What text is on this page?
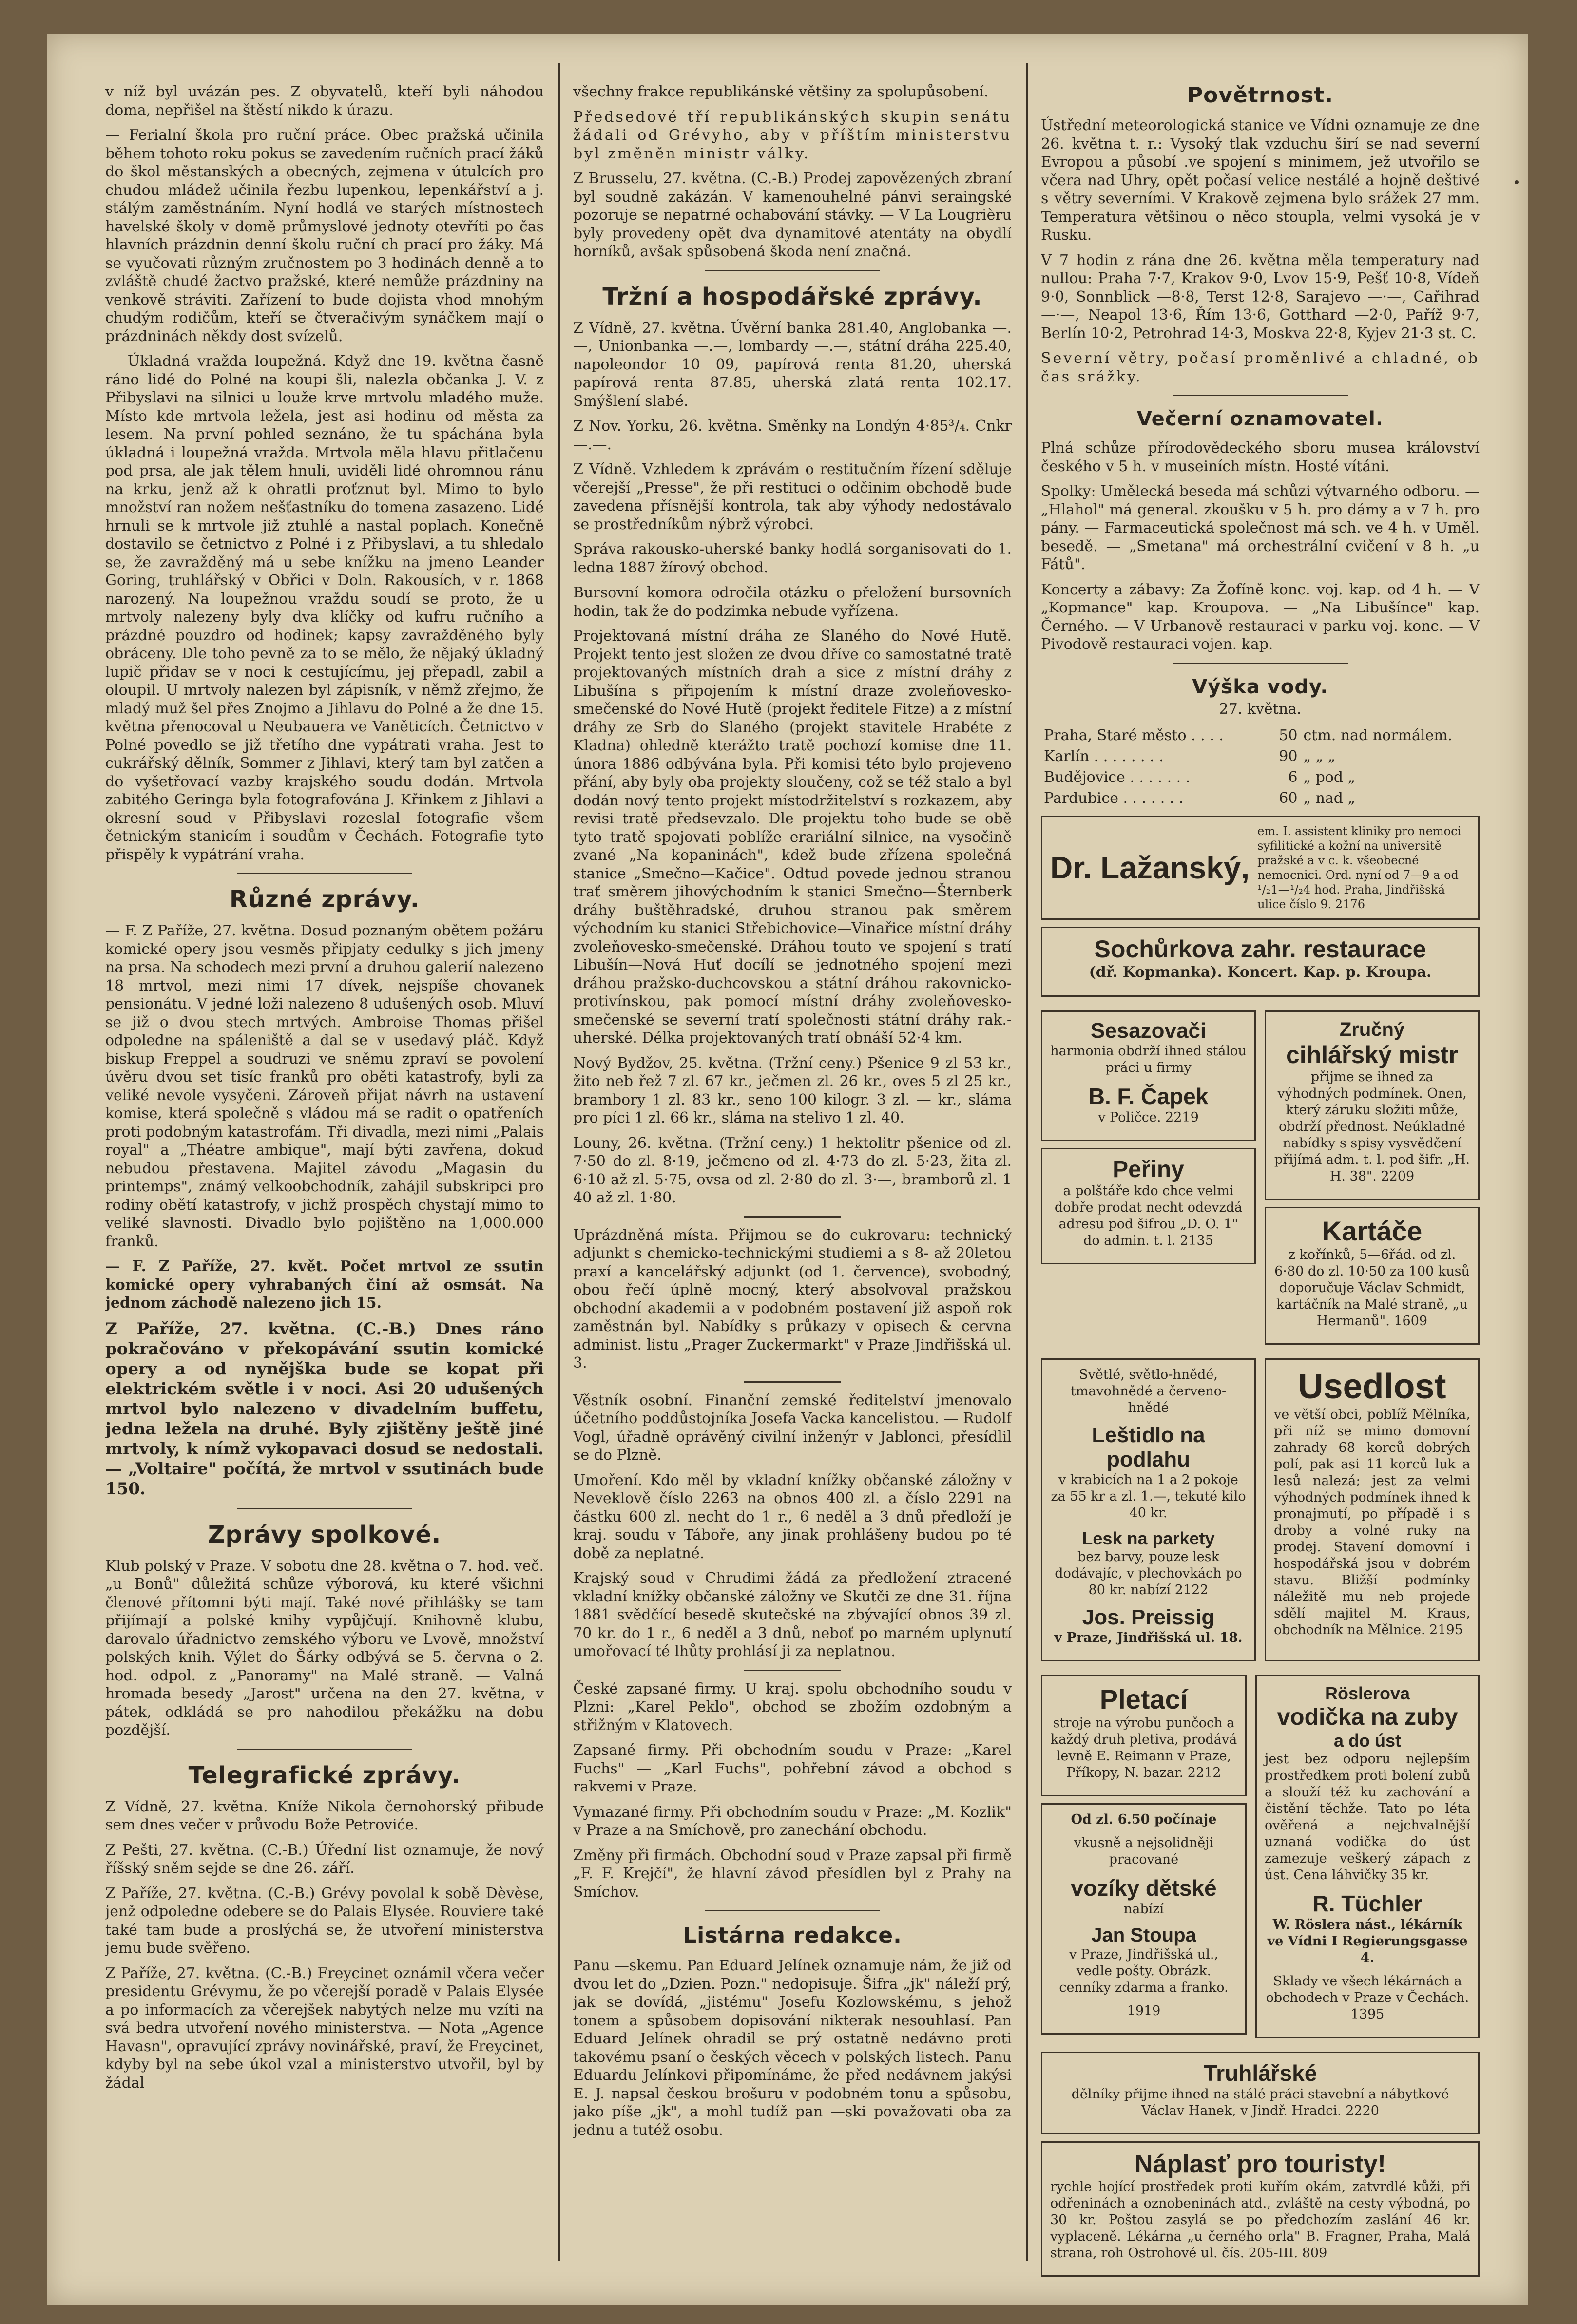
v níž byl uvázán pes. Z obyvatelů, kteří byli náhodou doma, nepřišel na štěstí nikdo k úrazu.

— Ferialní škola pro ruční práce. Obec pražská učinila během tohoto roku pokus se zavedením ručních prací žáků do škol městanských a obecných, zejmena v útulcích pro chudou mládež učinila řezbu lupenkou, lepenkářství a j. stálým zaměstnáním. Nyní hodlá ve starých místnostech havelské školy v domě průmyslové jednoty otevříti po čas hlavních prázdnin denní školu ruční ch prací pro žáky. Má se vyučovati různým zručnostem po 3 hodinách denně a to zvláště chudé žactvo pražské, které nemůže prázdniny na venkově stráviti. Zařízení to bude dojista vhod mnohým chudým rodičům, kteří se čtveračivým synáčkem mají o prázdninách někdy dost svízelů.

— Úkladná vražda loupežná. Když dne 19. května časně ráno lidé do Polné na koupi šli, nalezla občanka J. V. z Přibyslavi na silnici u louže krve mrtvolu mladého muže. Místo kde mrtvola ležela, jest asi hodinu od města za lesem. Na první pohled seznáno, že tu spáchána byla úkladná i loupežná vražda. Mrtvola měla hlavu přitlačenu pod prsa, ale jak tělem hnuli, uviděli lidé ohromnou ránu na krku, jenž až k ohratli proťznut byl. Mimo to bylo množství ran nožem nešťastníku do tomena zasazeno. Lidé hrnuli se k mrtvole již ztuhlé a nastal poplach. Konečně dostavilo se četnictvo z Polné i z Přibyslavi, a tu shledalo se, že zavražděný má u sebe knížku na jmeno Leander Goring, truhlářský v Obřici v Doln. Rakousích, v r. 1868 narozený. Na loupežnou vraždu soudí se proto, že u mrtvoly nalezeny byly dva klíčky od kufru ručního a prázdné pouzdro od hodinek; kapsy zavražděného byly obráceny. Dle toho pevně za to se mělo, že nějaký úkladný lupič přidav se v noci k cestujícímu, jej přepadl, zabil a oloupil. U mrtvoly nalezen byl zápisník, v němž zřejmo, že mladý muž šel přes Znojmo a Jihlavu do Polné a že dne 15. května přenocoval u Neubauera ve Vaněticích. Četnictvo v Polné povedlo se již třetího dne vypátrati vraha. Jest to cukrářský dělník, Sommer z Jihlavi, který tam byl zatčen a do vyšetřovací vazby krajského soudu dodán. Mrtvola zabitého Geringa byla fotografována J. Křinkem z Jihlavi a okresní soud v Přibyslavi rozeslal fotografie všem četnickým stanicím i soudům v Čechách. Fotografie tyto přispěly k vypátrání vraha.

Různé zprávy.

— F. Z Paříže, 27. května. Dosud poznaným obětem požáru komické opery jsou vesměs připjaty cedulky s jich jmeny na prsa. Na schodech mezi první a druhou galerií nalezeno 18 mrtvol, mezi nimi 17 dívek, nejspíše chovanek pensionátu. V jedné loži nalezeno 8 udušených osob. Mluví se již o dvou stech mrtvých. Ambroise Thomas přišel odpoledne na spáleniště a dal se v usedavý pláč. Když biskup Freppel a soudruzi ve sněmu zpraví se povolení úvěru dvou set tisíc franků pro oběti katastrofy, byli za veliké nevole vysyčeni. Zároveň přijat návrh na ustavení komise, která společně s vládou má se radit o opatřeních proti podobným katastrofám. Tři divadla, mezi nimi „Palais royal" a „Théatre ambique", mají býti zavřena, dokud nebudou přestavena. Majitel závodu „Magasin du printemps", známý velkoobchodník, zahájil subskripci pro rodiny obětí katastrofy, v jichž prospěch chystají mimo to veliké slavnosti. Divadlo bylo pojištěno na 1,000.000 franků.

— F. Z Paříže, 27. květ. Počet mrtvol ze ssutin komické opery vyhrabaných činí až osmsát. Na jednom záchodě nalezeno jich 15.

Z Paříže, 27. května. (C.-B.) Dnes ráno pokračováno v překopávání ssutin komické opery a od nynějška bude se kopat při elektrickém světle i v noci. Asi 20 udušených mrtvol bylo nalezeno v divadelním buffetu, jedna ležela na druhé. Byly zjištěny ještě jiné mrtvoly, k nímž vykopavaci dosud se nedostali. — „Voltaire" počítá, že mrtvol v ssutinách bude 150.

Zprávy spolkové.

Klub polský v Praze. V sobotu dne 28. května o 7. hod. več. „u Bonů" důležitá schůze výborová, ku které všichni členové přítomni býti mají. Také nové přihlášky se tam přijímají a polské knihy vypůjčují. Knihovně klubu, darovalo úřadnictvo zemského výboru ve Lvově, množství polských knih. Výlet do Šárky odbývá se 5. června o 2. hod. odpol. z „Panoramy" na Malé straně. — Valná hromada besedy „Jarost" určena na den 27. května, v pátek, odkládá se pro nahodilou překážku na dobu pozdější.

Telegrafické zprávy.

Z Vídně, 27. května. Kníže Nikola černohorský přibude sem dnes večer v průvodu Bože Petroviće.

Z Pešti, 27. května. (C.-B.) Úřední list oznamuje, že nový říšský sněm sejde se dne 26. září.

Z Paříže, 27. května. (C.-B.) Grévy povolal k sobě Dèvèse, jenž odpoledne odebere se do Palais Elysée. Rouviere také také tam bude a proslýchá se, že utvoření ministerstva jemu bude svěřeno.

Z Paříže, 27. května. (C.-B.) Freycinet oznámil včera večer presidentu Grévymu, že po včerejší poradě v Palais Elysée a po informacích za včerejšek nabytých nelze mu vzíti na svá bedra utvoření nového ministerstva. — Nota „Agence Havasn", opravující zprávy novinářské, praví, že Freycinet, kdyby byl na sebe úkol vzal a ministerstvo utvořil, byl by žádal

všechny frakce republikánské většiny za spolupůsobení.

Předsedové tří republikánských skupin senátu žádali od Grévyho, aby v příštím ministerstvu byl změněn ministr války.

Z Brusselu, 27. května. (C.-B.) Prodej zapovězených zbraní byl soudně zakázán. V kamenouhelné pánvi seraingské pozoruje se nepatrné ochabování stávky. — V La Lougrièru byly provedeny opět dva dynamitové atentáty na obydlí horníků, avšak spůsobená škoda není značná.

Tržní a hospodářské zprávy.

Z Vídně, 27. května. Úvěrní banka 281.40, Anglobanka —.—, Unionbanka —.—, lombardy —.—, státní dráha 225.40, napoleondor 10 09, papírová renta 81.20, uherská papírová renta 87.85, uherská zlatá renta 102.17. Smýšlení slabé.

Z Nov. Yorku, 26. května. Směnky na Londýn 4·85³/₄. Cnkr —.—.

Z Vídně. Vzhledem k zprávám o restitučním řízení sděluje včerejší „Presse", že při restituci o odčinim obchodě bude zavedena přísnější kontrola, tak aby výhody nedostávalo se prostředníkům nýbrž výrobci.

Správa rakousko-uherské banky hodlá sorganisovati do 1. ledna 1887 žírový obchod.

Bursovní komora odročila otázku o přeložení bursovních hodin, tak že do podzimka nebude vyřízena.

Projektovaná místní dráha ze Slaného do Nové Hutě. Projekt tento jest složen ze dvou dříve co samostatné tratě projektovaných místních drah a sice z místní dráhy z Libušína s připojením k místní draze zvoleňovesko-smečenské do Nové Hutě (projekt ředitele Fitze) a z místní dráhy ze Srb do Slaného (projekt stavitele Hrabéte z Kladna) ohledně kterážto tratě pochozí komise dne 11. února 1886 odbývána byla. Při komisi této bylo projeveno přání, aby byly oba projekty sloučeny, což se též stalo a byl dodán nový tento projekt místodržitelství s rozkazem, aby revisi tratě předsevzalo. Dle projektu toho bude se obě tyto tratě spojovati poblíže erariální silnice, na vysočině zvané „Na kopaninách", kdež bude zřízena společná stanice „Smečno—Kačice". Odtud povede jednou stranou trať směrem jihovýchodním k stanici Smečno—Šternberk dráhy buštěhradské, druhou stranou pak směrem východním ku stanici Střebichovice—Vinařice místní dráhy zvoleňovesko-smečenské. Dráhou touto ve spojení s tratí Libušín—Nová Huť docílí se jednotného spojení mezi dráhou pražsko-duchcovskou a státní dráhou rakovnicko-protivínskou, pak pomocí místní dráhy zvoleňovesko-smečenské se severní tratí společnosti státní dráhy rak.-uherské. Délka projektovaných tratí obnáší 52·4 km.

Nový Bydžov, 25. května. (Tržní ceny.) Pšenice 9 zl 53 kr., žito neb řež 7 zl. 67 kr., ječmen zl. 26 kr., oves 5 zl 25 kr., brambory 1 zl. 83 kr., seno 100 kilogr. 3 zl. — kr., sláma pro píci 1 zl. 66 kr., sláma na stelivo 1 zl. 40.

Louny, 26. května. (Tržní ceny.) 1 hektolitr pšenice od zl. 7·50 do zl. 8·19, ječmeno od zl. 4·73 do zl. 5·23, žita zl. 6·10 až zl. 5·75, ovsa od zl. 2·80 do zl. 3·—, bramborů zl. 1 40 až zl. 1·80.

Uprázdněná místa. Přijmou se do cukrovaru: technický adjunkt s chemicko-technickými studiemi a s 8- až 20letou praxí a kancelářský adjunkt (od 1. července), svobodný, obou řečí úplně mocný, který absolvoval pražskou obchodní akademii a v podobném postavení již aspoň rok zaměstnán byl. Nabídky s průkazy v opisech & cervna administ. listu „Prager Zuckermarkt" v Praze Jindřišská ul. 3.

Věstník osobní. Finanční zemské ředitelství jmenovalo účetního poddůstojníka Josefa Vacka kancelistou. — Rudolf Vogl, úřadně oprávěný civilní inženýr v Jablonci, přesídlil se do Plzně.

Umoření. Kdo měl by vkladní knížky občanské záložny v Neveklově číslo 2263 na obnos 400 zl. a číslo 2291 na částku 600 zl. necht do 1 r., 6 neděl a 3 dnů předloží je kraj. soudu v Táboře, any jinak prohlášeny budou po té době za neplatné.

Krajský soud v Chrudimi žádá za předložení ztracené vkladní knížky občanské záložny ve Skutči ze dne 31. října 1881 svědčící besedě skutečské na zbývající obnos 39 zl. 70 kr. do 1 r., 6 neděl a 3 dnů, neboť po marném uplynutí umořovací té lhůty prohlásí ji za neplatnou.

České zapsané firmy. U kraj. spolu obchodního soudu v Plzni: „Karel Peklo", obchod se zbožím ozdobným a střižným v Klatovech.

Zapsané firmy. Při obchodním soudu v Praze: „Karel Fuchs" — „Karl Fuchs", pohřební závod a obchod s rakvemi v Praze.

Vymazané firmy. Při obchodním soudu v Praze: „M. Kozlik" v Praze a na Smíchově, pro zanechání obchodu.

Změny při firmách. Obchodní soud v Praze zapsal při firmě „F. F. Krejčí", že hlavní závod přesídlen byl z Prahy na Smíchov.

Listárna redakce.

Panu —skemu. Pan Eduard Jelínek oznamuje nám, že již od dvou let do „Dzien. Pozn." nedopisuje. Šifra „jk" náleží prý, jak se dovídá, „jistému" Josefu Kozlowskému, s jehož tonem a spůsobem dopisování nikterak nesouhlasí. Pan Eduard Jelínek ohradil se prý ostatně nedávno proti takovému psaní o českých věcech v polských listech. Panu Eduardu Jelínkovi připomínáme, že před nedávnem jakýsi E. J. napsal českou brošuru v podobném tonu a spůsobu, jako píše „jk", a mohl tudíž pan —ski považovati oba za jednu a tutéž osobu.

Povětrnost.

Ústřední meteorologická stanice ve Vídni oznamuje ze dne 26. května t. r.: Vysoký tlak vzduchu širí se nad severní Evropou a působí .ve spojení s minimem, jež utvořilo se včera nad Uhry, opět počasí velice nestálé a hojně deštivé s větry severními. V Krakově zejmena bylo srážek 27 mm. Temperatura většinou o něco stoupla, velmi vysoká je v Rusku.

V 7 hodin z rána dne 26. května měla temperatury nad nullou: Praha 7·7, Krakov 9·0, Lvov 15·9, Pešť 10·8, Vídeň 9·0, Sonnblick —8·8, Terst 12·8, Sarajevo —·—, Cařihrad —·—, Neapol 13·6, Řím 13·6, Gotthard —2·0, Paříž 9·7, Berlín 10·2, Petrohrad 14·3, Moskva 22·8, Kyjev 21·3 st. C.

Severní větry, počasí proměnlivé a chladné, ob čas srážky.

Večerní oznamovatel.

Plná schůze přírodovědeckého sboru musea království českého v 5 h. v museiních místn. Hosté vítáni.

Spolky: Umělecká beseda má schůzi výtvarného odboru. — „Hlahol" má general. zkoušku v 5 h. pro dámy a v 7 h. pro pány. — Farmaceutická společnost má sch. ve 4 h. v Uměl. besedě. — „Smetana" má orchestrální cvičení v 8 h. „u Fátů".

Koncerty a zábavy: Za Žofíně konc. voj. kap. od 4 h. — V „Kopmance" kap. Kroupova. — „Na Libušínce" kap. Černého. — V Urbanově restauraci v parku voj. konc. — V Pivodově restauraci vojen. kap.

Výška vody.

27. května.

Praha, Staré město . . . .	50	ctm. nad normálem.
Karlín . . . . . . . .	90	„ „ „
Budějovice . . . . . . .	6	„ pod „
Pardubice . . . . . . .	60	„ nad „
Dr. Lažanský,
em. I. assistent kliniky pro nemoci syfilitické a kožní na universitě pražské a v c. k. všeobecné nemocnici. Ord. nyní od 7—9 a od ¹/₂1—¹/₂4 hod. Praha, Jindřišská ulice číslo 9. 2176
Sochůrkova zahr. restaurace

(dř. Kopmanka). Koncert. Kap. p. Kroupa.

Sesazovači

harmonia obdrží ihned stálou práci u firmy

B. F. Čapek

v Poličce. 2219

Peřiny

a polštáře kdo chce velmi dobře prodat necht odevzdá adresu pod šifrou „D. O. 1" do admin. t. l. 2135

Zručný
cihlářský mistr

přijme se ihned za výhodných podmínek. Onen, který záruku složiti může, obdrží přednost. Neúkladné nabídky s spisy vysvědčení přijímá adm. t. l. pod šifr. „H. H. 38". 2209

Kartáče

z kořínků, 5—6řád. od zl. 6·80 do zl. 10·50 za 100 kusů doporučuje Václav Schmidt, kartáčník na Malé straně, „u Hermanů". 1609

Světlé, světlo-hnědé, tmavohnědé a červeno-hnědé

Leštidlo na podlahu

v krabicích na 1 a 2 pokoje za 55 kr a zl. 1.—, tekuté kilo 40 kr.

Lesk na parkety

bez barvy, pouze lesk dodávajíc, v plechovkách po 80 kr. nabízí 2122

Jos. Preissig

v Praze, Jindřišská ul. 18.

Usedlost

ve větší obci, poblíž Mělníka, při níž se mimo domovní zahrady 68 korců dobrých polí, pak asi 11 korců luk a lesů nalezá; jest za velmi výhodných podmínek ihned k pronajmutí, po případě i s droby a volné ruky na prodej. Stavení domovní i hospodářská jsou v dobrém stavu. Bližší podmínky náležitě mu neb projede sdělí majitel M. Kraus, obchodník na Mělnice. 2195

Pletací

stroje na výrobu punčoch a každý druh pletiva, prodává levně E. Reimann v Praze, Příkopy, N. bazar. 2212

Od zl. 6.50 počínaje

vkusně a nejsolidněji pracované

vozíky dětské

nabízí

Jan Stoupa

v Praze, Jindřišská ul., vedle pošty. Obrázk. cenníky zdarma a franko.

1919

Röslerova
vodička na zuby
a do úst

jest bez odporu nejlepším prostředkem proti bolení zubů a slouží též ku zachování a čistění těchže. Tato po léta ověřená a nejchvalnější uznaná vodička do úst zamezuje veškerý zápach z úst. Cena láhvičky 35 kr.

R. Tüchler

W. Röslera nást., lékárník ve Vídni I Regierungsgasse 4.

Sklady ve všech lékárnách a obchodech v Praze v Čechách. 1395

Truhlářské

dělníky přijme ihned na stálé práci stavební a nábytkové Václav Hanek, v Jindř. Hradci. 2220

Náplasť pro touristy!

rychle hojící prostředek proti kuřím okám, zatvrdlé kůži, při odřeninách a oznobeninách atd., zvláště na cesty výbodná, po 30 kr. Poštou zasylá se po předchozím zaslání 46 kr. vyplaceně. Lékárna „u černého orla" B. Fragner, Praha, Malá strana, roh Ostrohové ul. čís. 205-III. 809
